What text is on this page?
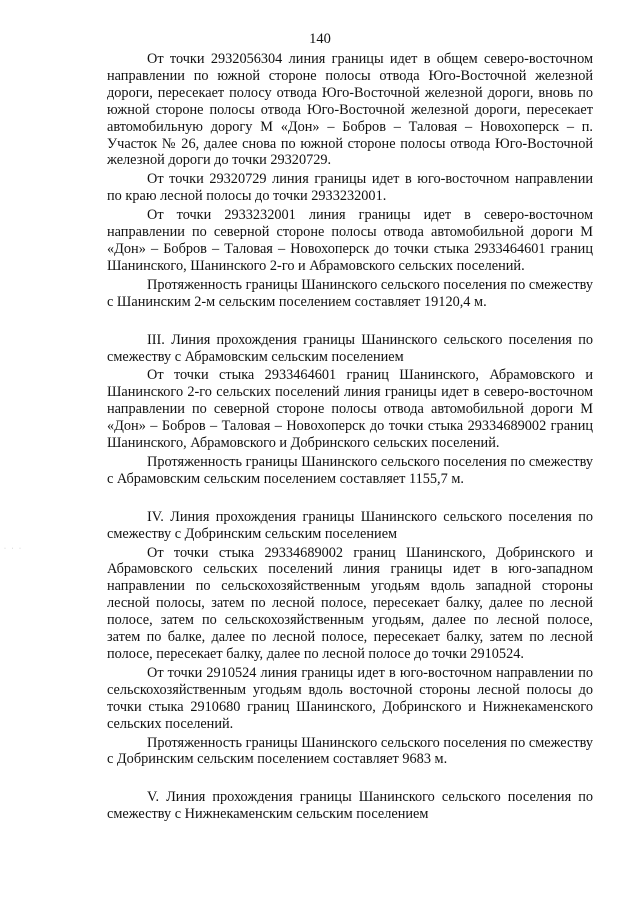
140

От точки 2932056304 линия границы идет в общем северо-восточном направлении по южной стороне полосы отвода Юго-Восточной железной дороги, пересекает полосу отвода Юго-Восточной железной дороги, вновь по южной стороне полосы отвода Юго-Восточной железной дороги, пересекает автомобильную дорогу М «Дон» – Бобров – Таловая – Новохоперск – п. Участок № 26, далее снова по южной стороне полосы отвода Юго-Восточной железной дороги до точки 29320729.

От точки 29320729 линия границы идет в юго-восточном направлении по краю лесной полосы до точки 2933232001.

От точки 2933232001 линия границы идет в северо-восточном направлении по северной стороне полосы отвода автомобильной дороги М «Дон» – Бобров – Таловая – Новохоперск до точки стыка 2933464601 границ Шанинского, Шанинского 2-го и Абрамовского сельских поселений.

Протяженность границы Шанинского сельского поселения по смежеству с Шанинским 2-м сельским поселением составляет 19120,4 м.

III. Линия прохождения границы Шанинского сельского поселения по смежеству с Абрамовским сельским поселением

От точки стыка 2933464601 границ Шанинского, Абрамовского и Шанинского 2-го сельских поселений линия границы идет в северо-восточном направлении по северной стороне полосы отвода автомобильной дороги М «Дон» – Бобров – Таловая – Новохоперск до точки стыка 29334689002 границ Шанинского, Абрамовского и Добринского сельских поселений.

Протяженность границы Шанинского сельского поселения по смежеству с Абрамовским сельским поселением составляет 1155,7 м.

IV. Линия прохождения границы Шанинского сельского поселения по смежеству с Добринским сельским поселением

От точки стыка 29334689002 границ Шанинского, Добринского и Абрамовского сельских поселений линия границы идет в юго-западном направлении по сельскохозяйственным угодьям вдоль западной стороны лесной полосы, затем по лесной полосе, пересекает балку, далее по лесной полосе, затем по сельскохозяйственным угодьям, далее по лесной полосе, затем по балке, далее по лесной полосе, пересекает балку, затем по лесной полосе, пересекает балку, далее по лесной полосе до точки 2910524.

От точки 2910524 линия границы идет в юго-восточном направлении по сельскохозяйственным угодьям вдоль восточной стороны лесной полосы до точки стыка 2910680 границ Шанинского, Добринского и Нижнекаменского сельских поселений.

Протяженность границы Шанинского сельского поселения по смежеству с Добринским сельским поселением составляет 9683 м.

V. Линия прохождения границы Шанинского сельского поселения по смежеству с Нижнекаменским сельским поселением

· · ·
